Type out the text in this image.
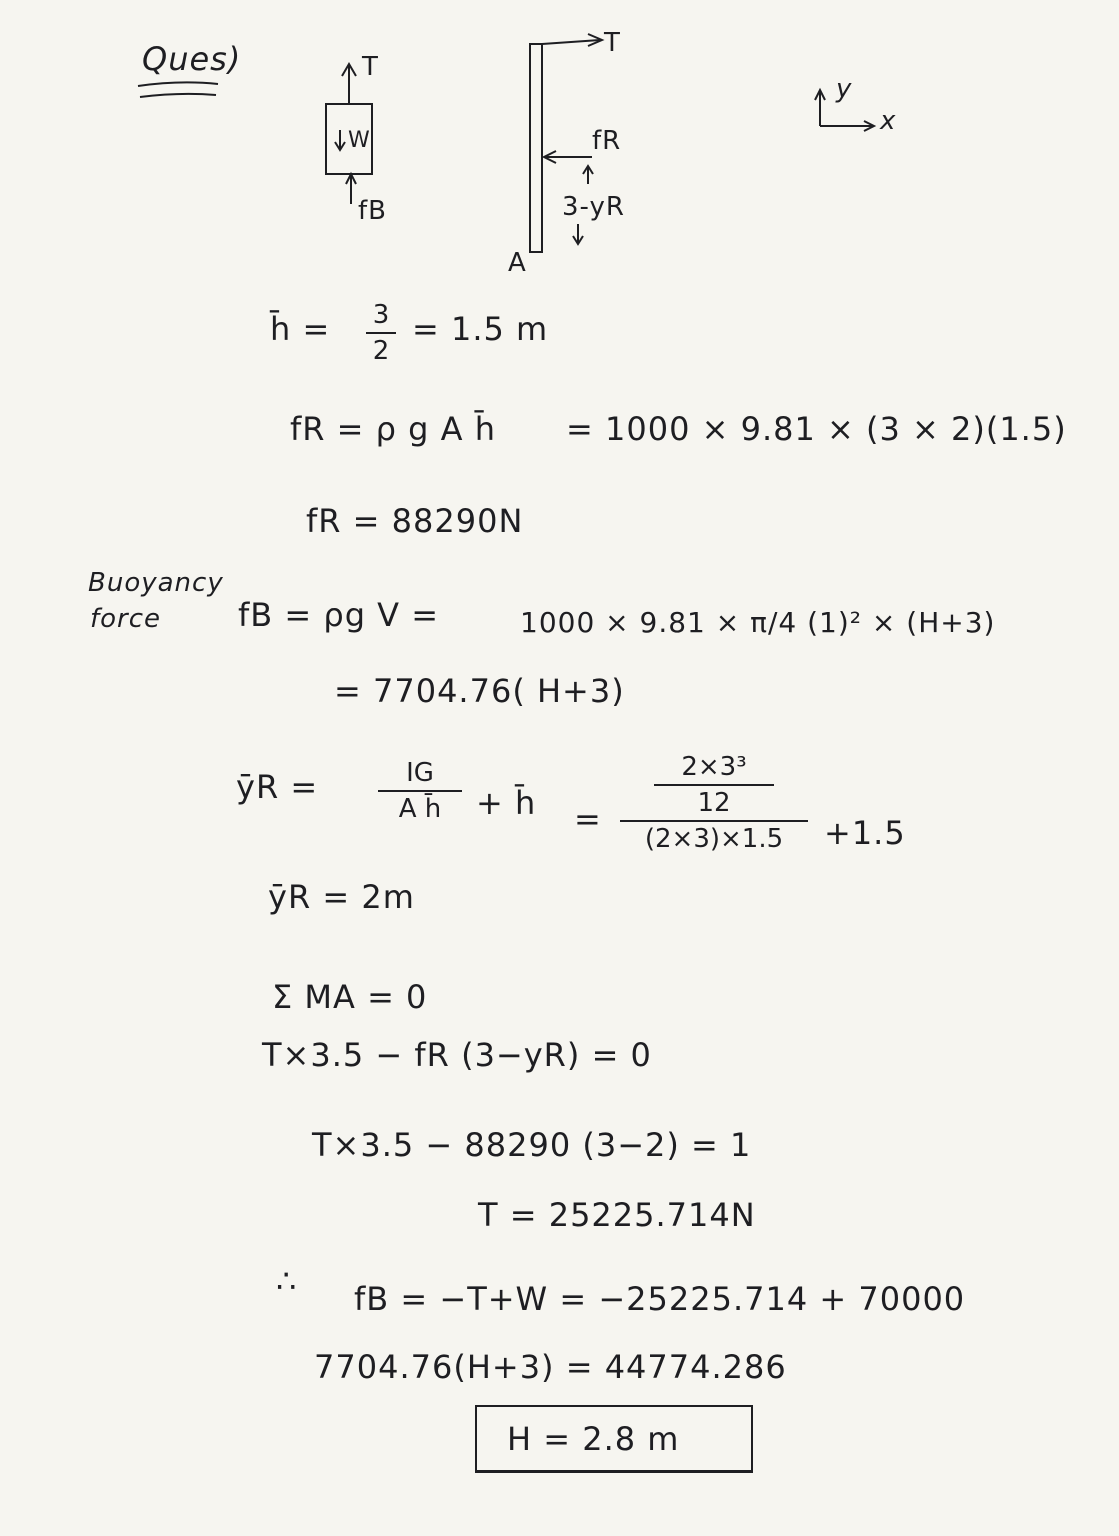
Ques)	T
W
fB
T
fR
3-yR
A
y
x
h̄ = 3
2
= 1.5 m
fR = ρ g A h̄ = 1000 × 9.81 × (3 × 2)(1.5)
fR = 88290N
Buoyancy
force fB = ρg V =	1000 × 9.81 × π/4 (1)² × (H+3)
= 7704.76( H+3)
ȳR =	IG
A h̄	+ h̄ =
2×3³
12
(2×3)×1.5	+1.5
ȳR = 2m
Σ MA = 0
T×3.5 − fR (3−yR) = 0
T×3.5 − 88290 (3−2) = 1
T = 25225.714N
∴ fB = −T+W = −25225.714 + 70000
7704.76(H+3) = 44774.286
H = 2.8 m
